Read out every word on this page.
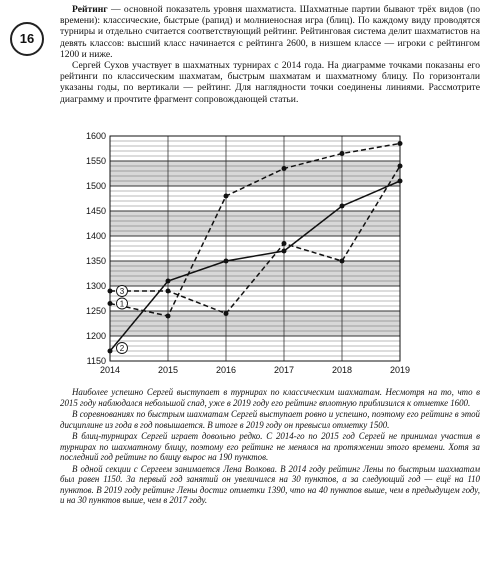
16

Рейтинг — основной показатель уровня шахматиста. Шахматные партии бывают трёх видов (по времени): классические, быстрые (рапид) и молниеносная игра (блиц). По каждому виду проводятся турниры и отдельно считается соответствующий рейтинг. Рейтинговая система делит шахматистов на девять классов: высший класс начинается с рейтинга 2600, в низшем классе — игроки с рейтингом 1200 и ниже.

Сергей Сухов участвует в шахматных турнирах с 2014 года. На диаграмме точками показаны его рейтинги по классическим шахматам, быстрым шахматам и шахматному блицу. По горизонтали указаны годы, по вертикали — рейтинг. Для наглядности точки соединены линиями. Рассмотрите диаграмму и прочтите фрагмент сопровождающей статьи.

1150
1200
1250
1300
1350
1400
1450
1500
1550
1600
2014	2015	2016	2017	2018	2019
1
2
3

Наиболее успешно Сергей выступает в турнирах по классическим шахматам. Несмотря на то, что в 2015 году наблюдался небольшой спад, уже в 2019 году его рейтинг вплотную приблизился к отметке 1600.

В соревнованиях по быстрым шахматам Сергей выступает ровно и успешно, поэтому его рейтинг в этой дисциплине из года в год повышается. В итоге в 2019 году он превысил отметку 1500.

В блиц-турнирах Сергей играет довольно редко. С 2014-го по 2015 год Сергей не принимал участия в турнирах по шахматному блицу, поэтому его рейтинг не менялся на протяжении этого времени. Хотя за последний год рейтинг по блицу вырос на 190 пунктов.

В одной секции с Сергеем занимается Лена Волкова. В 2014 году рейтинг Лены по быстрым шахматам был равен 1150. За первый год занятий он увеличился на 30 пунктов, а за следующий год — ещё на 110 пунктов. В 2019 году рейтинг Лены достиг отметки 1390, что на 40 пунктов выше, чем в предыдущем году, и на 30 пунктов выше, чем в 2017 году.
